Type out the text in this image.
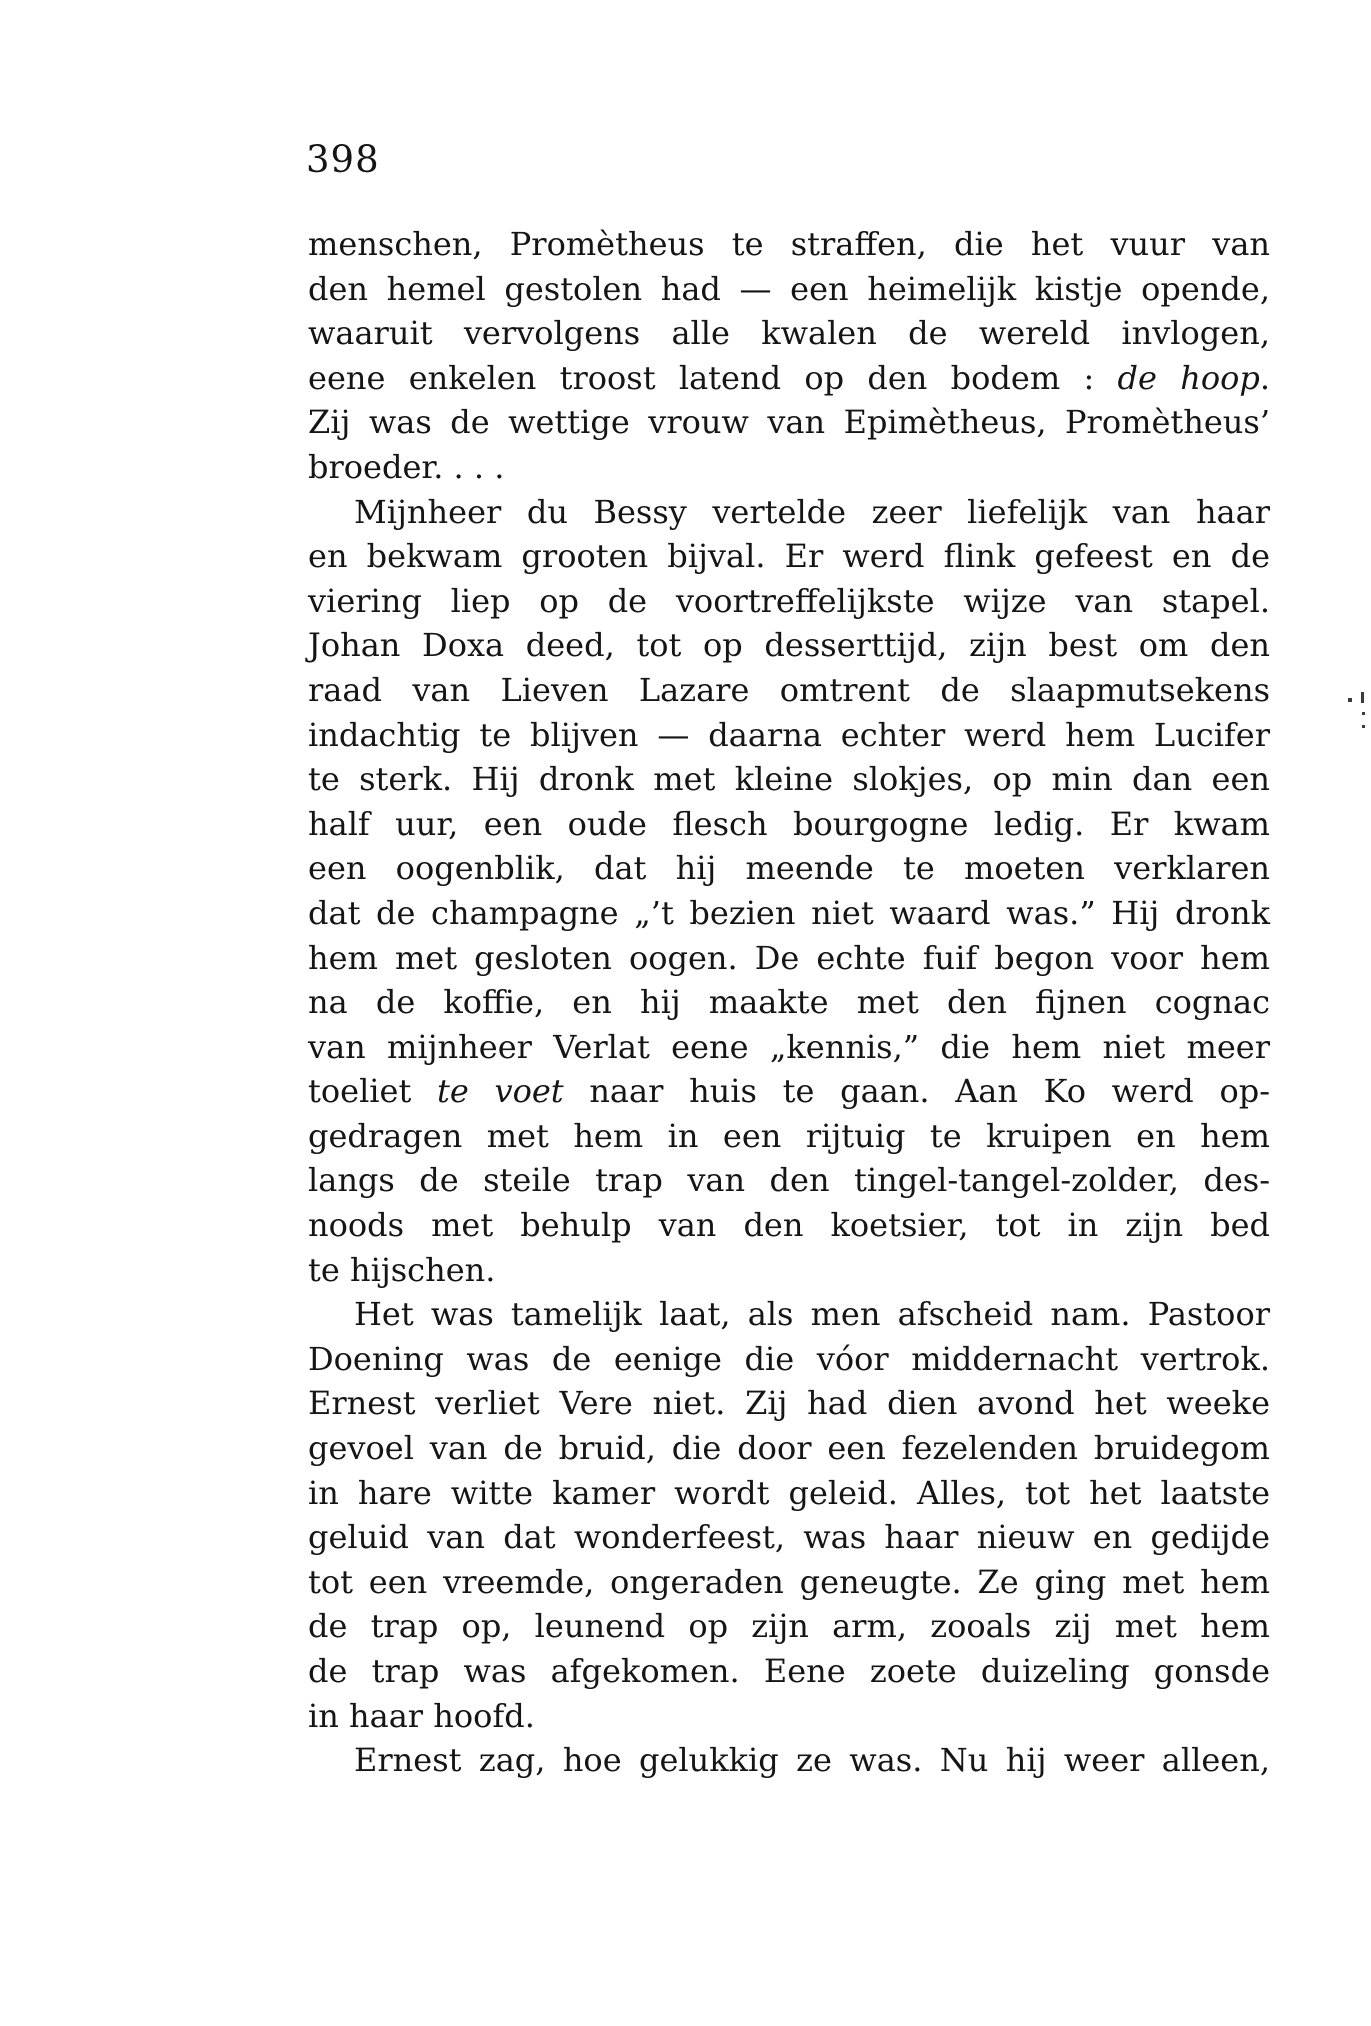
398
menschen, Promètheus te straffen, die het vuur van
den hemel gestolen had — een heimelijk kistje opende,
waaruit vervolgens alle kwalen de wereld invlogen,
eene enkelen troost latend op den bodem : de hoop.
Zij was de wettige vrouw van Epimètheus, Promètheus’
broeder. . . .
Mijnheer du Bessy vertelde zeer liefelijk van haar
en bekwam grooten bijval. Er werd flink gefeest en de
viering liep op de voortreffelijkste wijze van stapel.
Johan Doxa deed, tot op desserttijd, zijn best om den
raad van Lieven Lazare omtrent de slaapmutsekens
indachtig te blijven — daarna echter werd hem Lucifer
te sterk. Hij dronk met kleine slokjes, op min dan een
half uur, een oude flesch bourgogne ledig. Er kwam
een oogenblik, dat hij meende te moeten verklaren
dat de champagne „’t bezien niet waard was.” Hij dronk
hem met gesloten oogen. De echte fuif begon voor hem
na de koffie, en hij maakte met den fijnen cognac
van mijnheer Verlat eene „kennis,” die hem niet meer
toeliet te voet naar huis te gaan. Aan Ko werd op-
gedragen met hem in een rijtuig te kruipen en hem
langs de steile trap van den tingel-tangel-zolder, des-
noods met behulp van den koetsier, tot in zijn bed
te hijschen.
Het was tamelijk laat, als men afscheid nam. Pastoor
Doening was de eenige die vóor middernacht vertrok.
Ernest verliet Vere niet. Zij had dien avond het weeke
gevoel van de bruid, die door een fezelenden bruidegom
in hare witte kamer wordt geleid. Alles, tot het laatste
geluid van dat wonderfeest, was haar nieuw en gedijde
tot een vreemde, ongeraden geneugte. Ze ging met hem
de trap op, leunend op zijn arm, zooals zij met hem
de trap was afgekomen. Eene zoete duizeling gonsde
in haar hoofd.
Ernest zag, hoe gelukkig ze was. Nu hij weer alleen,
